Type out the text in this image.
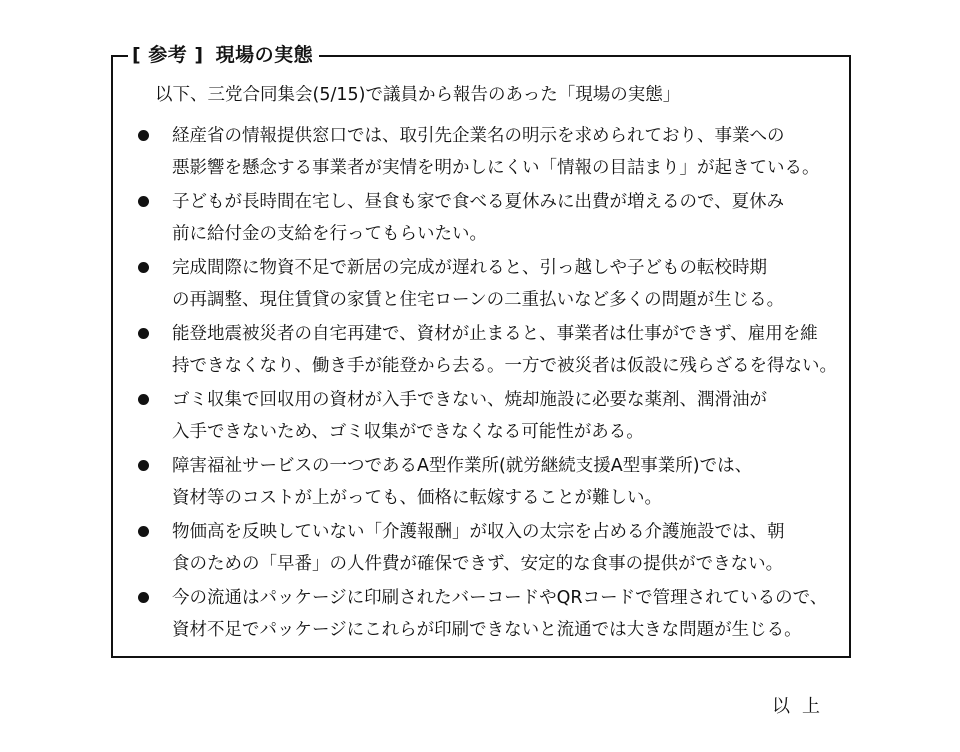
[ 参考 ] 現場の実態
以下、三党合同集会(5/15)で議員から報告のあった「現場の実態」
経産省の情報提供窓口では、取引先企業名の明示を求められており、事業への
悪影響を懸念する事業者が実情を明かしにくい「情報の目詰まり」が起きている。
子どもが長時間在宅し、昼食も家で食べる夏休みに出費が増えるので、夏休み
前に給付金の支給を行ってもらいたい。
完成間際に物資不足で新居の完成が遅れると、引っ越しや子どもの転校時期
の再調整、現住賃貸の家賃と住宅ローンの二重払いなど多くの問題が生じる。
能登地震被災者の自宅再建で、資材が止まると、事業者は仕事ができず、雇用を維
持できなくなり、働き手が能登から去る。一方で被災者は仮設に残らざるを得ない。
ゴミ収集で回収用の資材が入手できない、焼却施設に必要な薬剤、潤滑油が
入手できないため、ゴミ収集ができなくなる可能性がある。
障害福祉サービスの一つであるA型作業所(就労継続支援A型事業所)では、
資材等のコストが上がっても、価格に転嫁することが難しい。
物価高を反映していない「介護報酬」が収入の太宗を占める介護施設では、朝
食のための「早番」の人件費が確保できず、安定的な食事の提供ができない。
今の流通はパッケージに印刷されたバーコードやQRコードで管理されているので、
資材不足でパッケージにこれらが印刷できないと流通では大きな問題が生じる。
以上
